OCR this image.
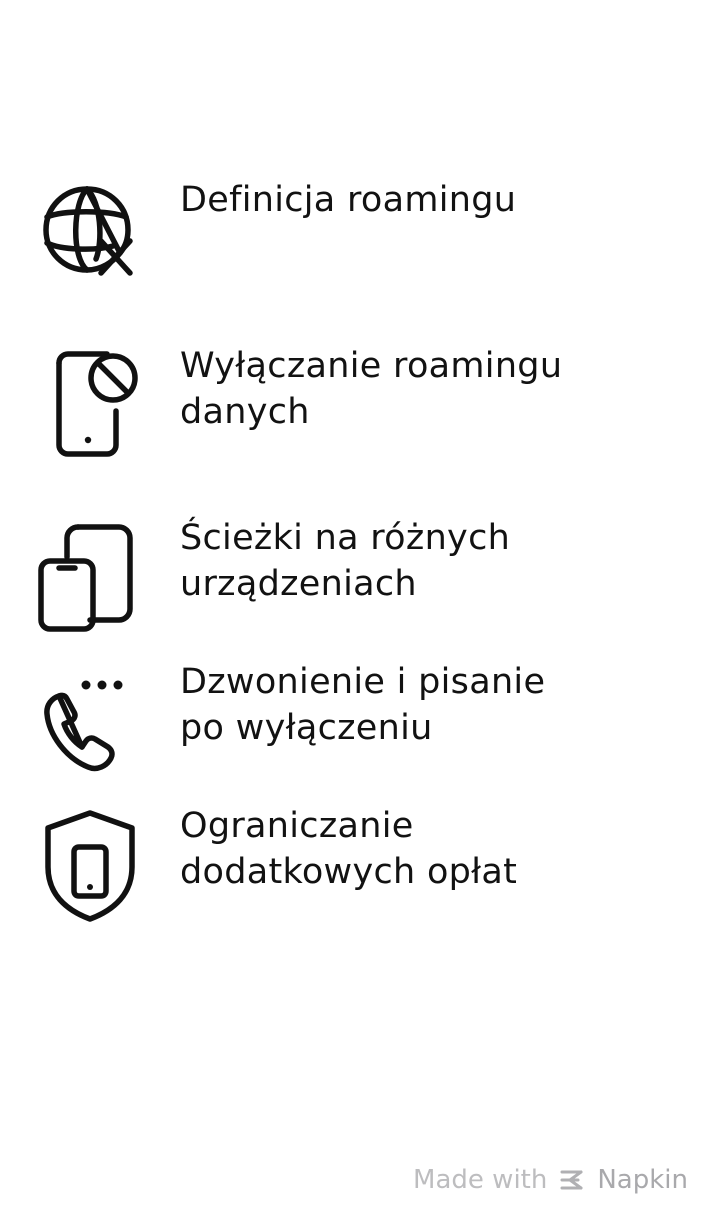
Definicja roamingu
Wyłączanie roamingu danych
Ścieżki na różnych urządzeniach
Dzwonienie i pisanie po wyłączeniu
Ograniczanie dodatkowych opłat
Made with Napkin
